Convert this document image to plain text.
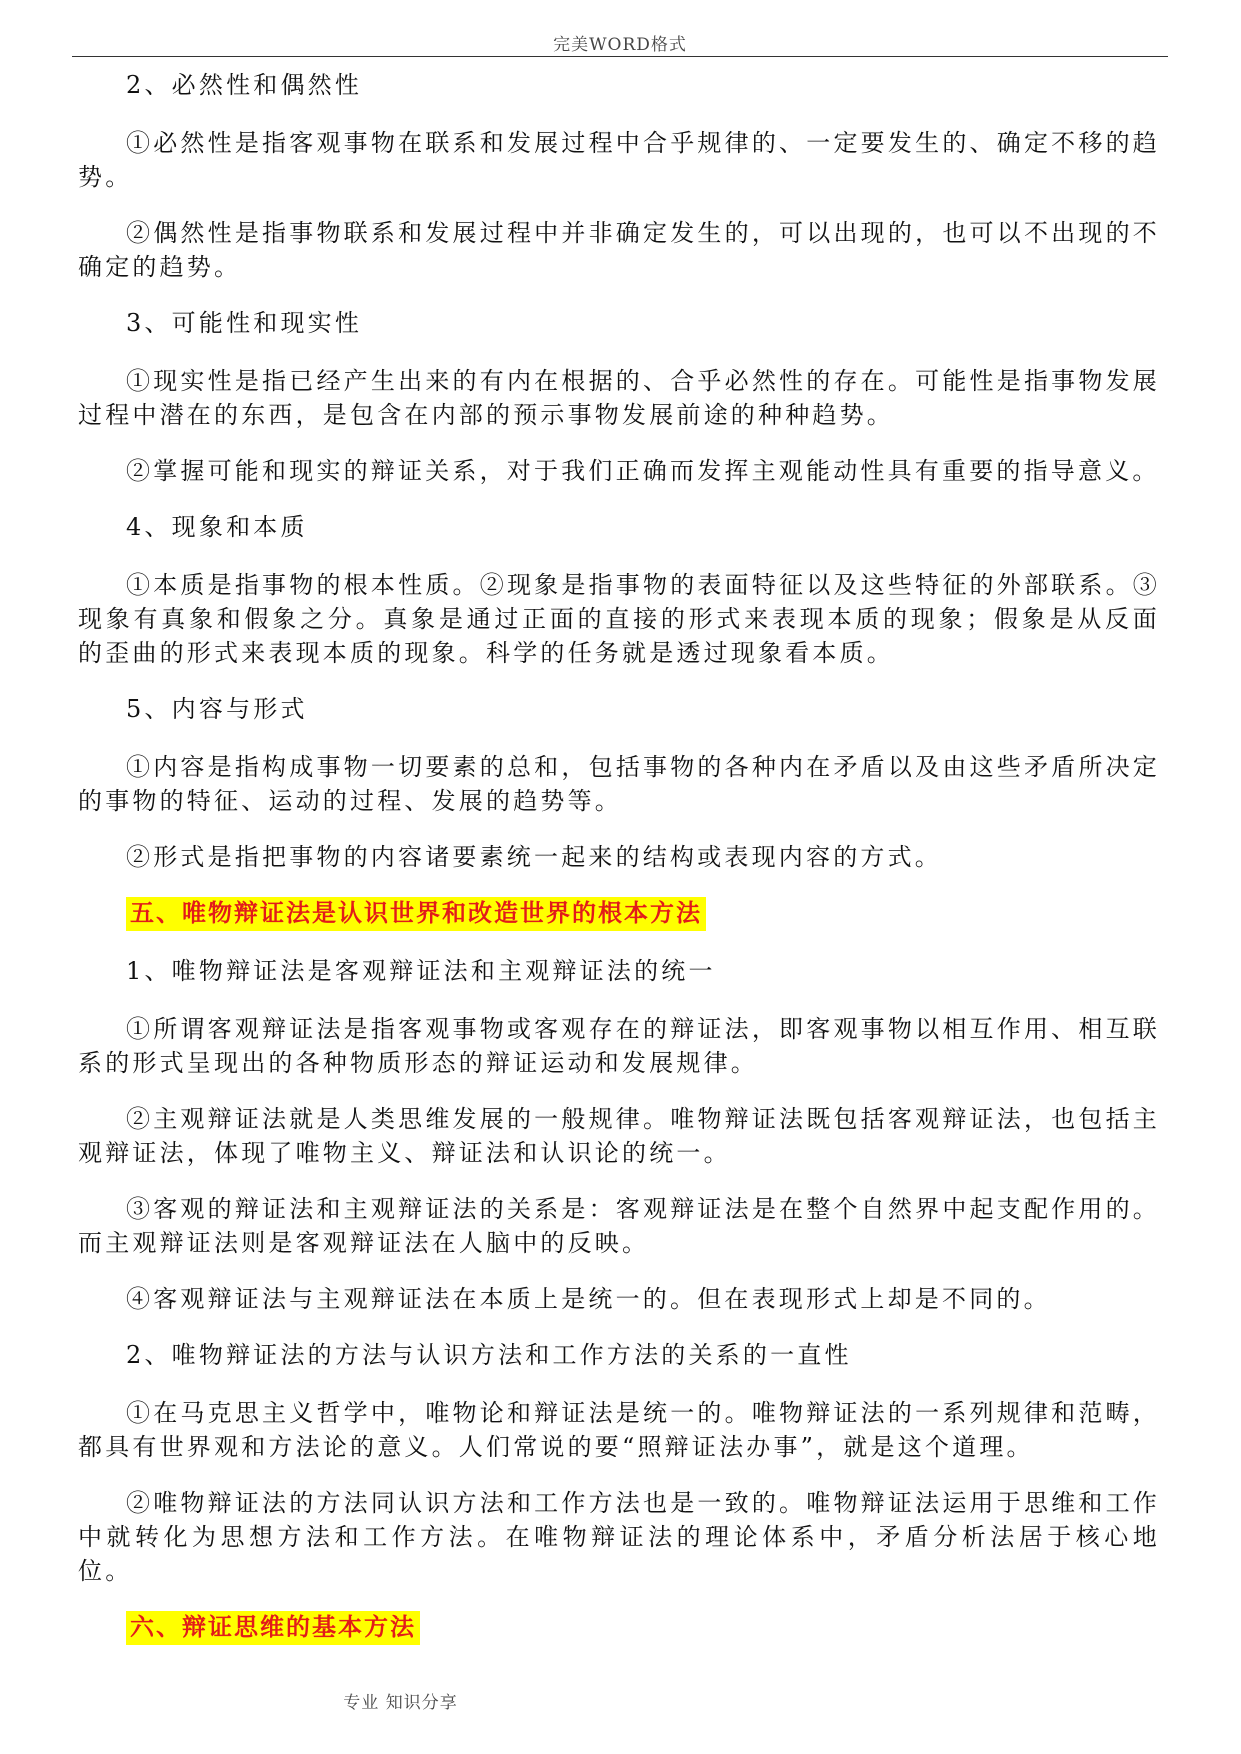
完美WORD格式
2、必然性和偶然性
①必然性是指客观事物在联系和发展过程中合乎规律的、一定要发生的、确定不移的趋势。
②偶然性是指事物联系和发展过程中并非确定发生的，可以出现的，也可以不出现的不确定的趋势。
3、可能性和现实性
①现实性是指已经产生出来的有内在根据的、合乎必然性的存在。可能性是指事物发展过程中潜在的东西，是包含在内部的预示事物发展前途的种种趋势。
②掌握可能和现实的辩证关系，对于我们正确而发挥主观能动性具有重要的指导意义。
4、现象和本质
①本质是指事物的根本性质。②现象是指事物的表面特征以及这些特征的外部联系。③现象有真象和假象之分。真象是通过正面的直接的形式来表现本质的现象；假象是从反面的歪曲的形式来表现本质的现象。科学的任务就是透过现象看本质。
5、内容与形式
①内容是指构成事物一切要素的总和，包括事物的各种内在矛盾以及由这些矛盾所决定的事物的特征、运动的过程、发展的趋势等。
②形式是指把事物的内容诸要素统一起来的结构或表现内容的方式。
五、唯物辩证法是认识世界和改造世界的根本方法
1、唯物辩证法是客观辩证法和主观辩证法的统一
①所谓客观辩证法是指客观事物或客观存在的辩证法，即客观事物以相互作用、相互联系的形式呈现出的各种物质形态的辩证运动和发展规律。
②主观辩证法就是人类思维发展的一般规律。唯物辩证法既包括客观辩证法，也包括主观辩证法，体现了唯物主义、辩证法和认识论的统一。
③客观的辩证法和主观辩证法的关系是：客观辩证法是在整个自然界中起支配作用的。而主观辩证法则是客观辩证法在人脑中的反映。
④客观辩证法与主观辩证法在本质上是统一的。但在表现形式上却是不同的。
2、唯物辩证法的方法与认识方法和工作方法的关系的一直性
①在马克思主义哲学中，唯物论和辩证法是统一的。唯物辩证法的一系列规律和范畴，都具有世界观和方法论的意义。人们常说的要“照辩证法办事”，就是这个道理。
②唯物辩证法的方法同认识方法和工作方法也是一致的。唯物辩证法运用于思维和工作中就转化为思想方法和工作方法。在唯物辩证法的理论体系中，矛盾分析法居于核心地位。
六、辩证思维的基本方法
专业 知识分享
